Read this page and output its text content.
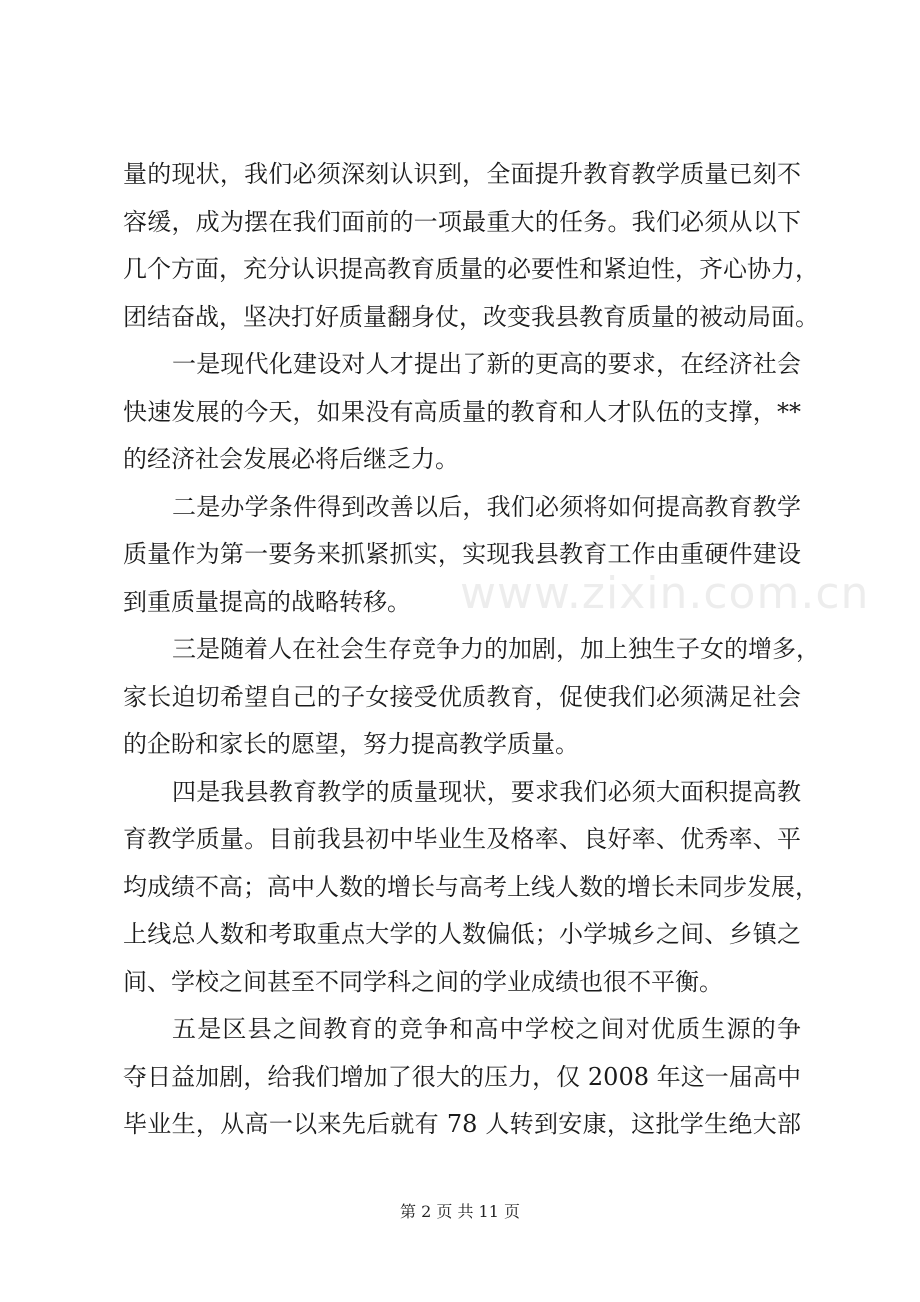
量的现状，我们必须深刻认识到，全面提升教育教学质量已刻不
容缓，成为摆在我们面前的一项最重大的任务。我们必须从以下
几个方面，充分认识提高教育质量的必要性和紧迫性，齐心协力，
团结奋战，坚决打好质量翻身仗，改变我县教育质量的被动局面。
一是现代化建设对人才提出了新的更高的要求，在经济社会
快速发展的今天，如果没有高质量的教育和人才队伍的支撑，**
的经济社会发展必将后继乏力。
二是办学条件得到改善以后，我们必须将如何提高教育教学
质量作为第一要务来抓紧抓实，实现我县教育工作由重硬件建设
到重质量提高的战略转移。
三是随着人在社会生存竞争力的加剧，加上独生子女的增多，
家长迫切希望自己的子女接受优质教育，促使我们必须满足社会
的企盼和家长的愿望，努力提高教学质量。
四是我县教育教学的质量现状，要求我们必须大面积提高教
育教学质量。目前我县初中毕业生及格率、良好率、优秀率、平
均成绩不高；高中人数的增长与高考上线人数的增长未同步发展，
上线总人数和考取重点大学的人数偏低；小学城乡之间、乡镇之
间、学校之间甚至不同学科之间的学业成绩也很不平衡。
五是区县之间教育的竞争和高中学校之间对优质生源的争
夺日益加剧，给我们增加了很大的压力，仅 2008 年这一届高中
毕业生，从高一以来先后就有 78 人转到安康，这批学生绝大部
www.zixin.com.cn
第 2 页 共 11 页
